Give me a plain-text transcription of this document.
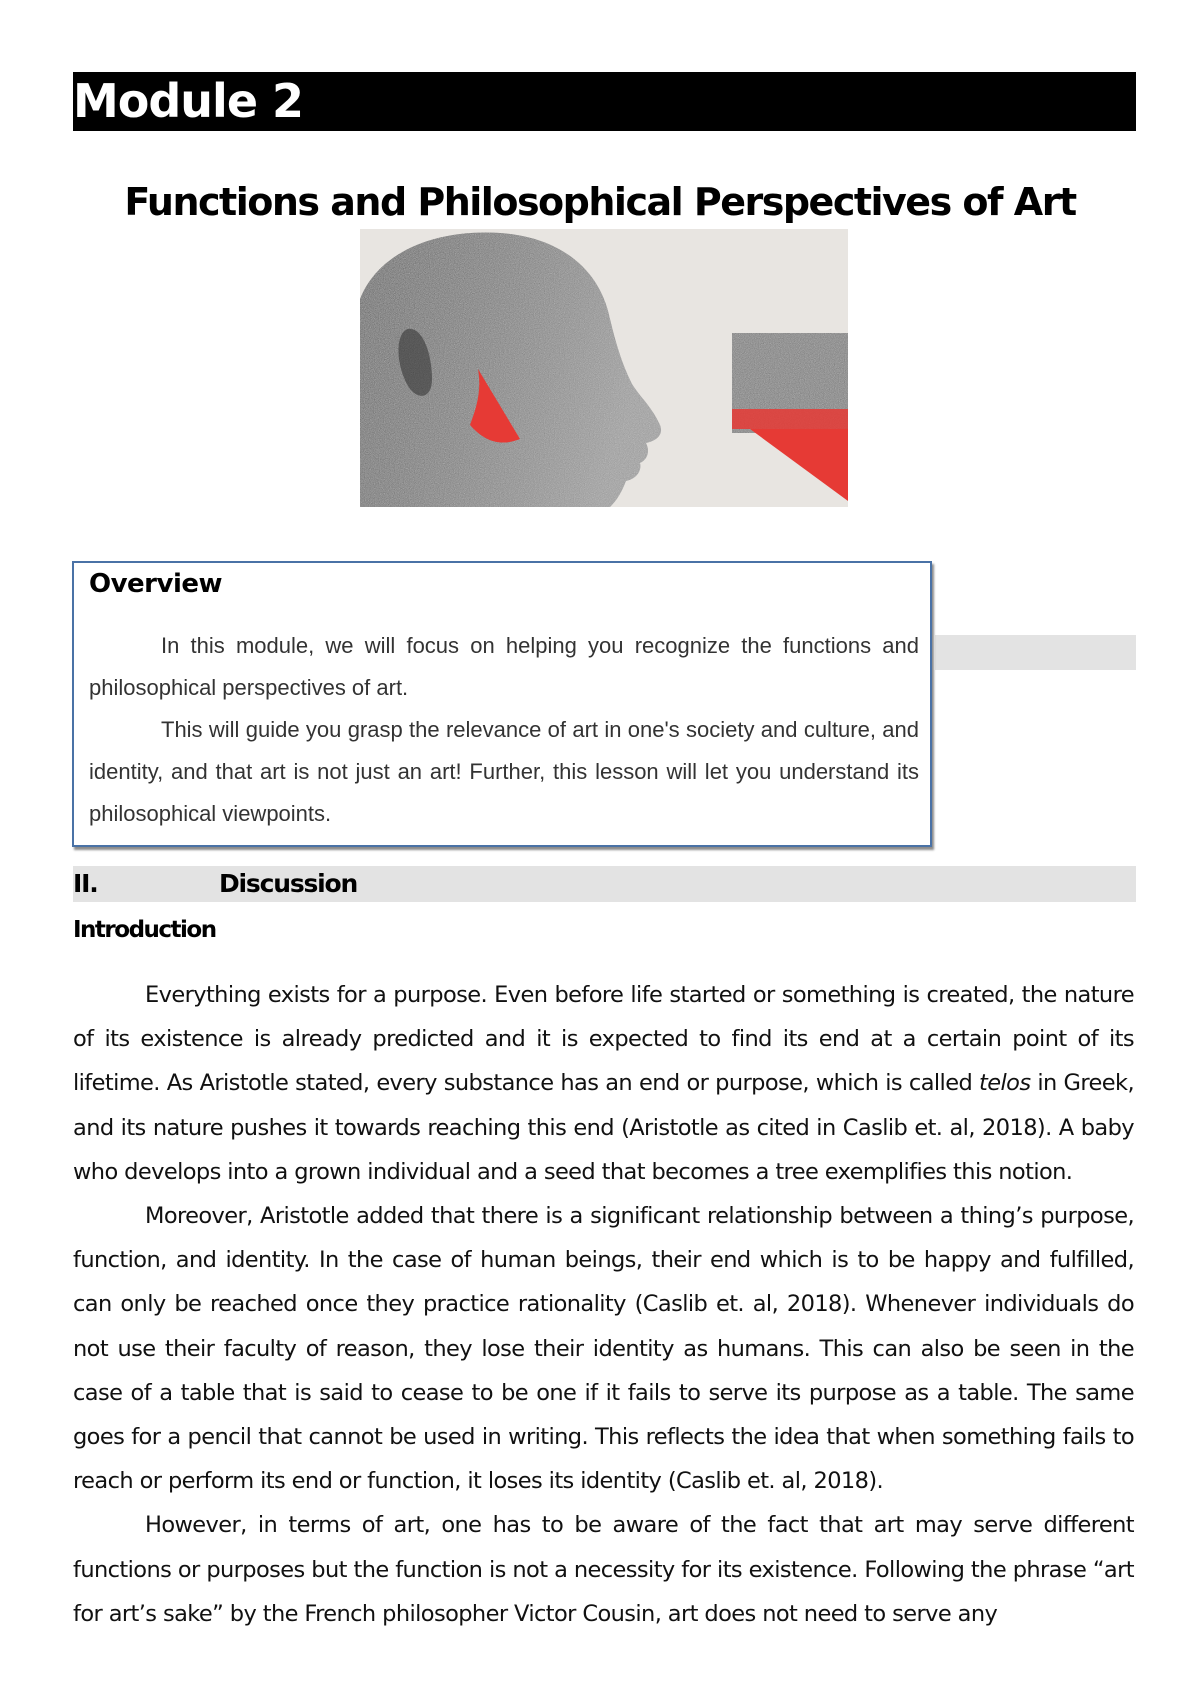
Module 2
Functions and Philosophical Perspectives of Art
Overview

In this module, we will focus on helping you recognize the functions and philosophical perspectives of art.

This will guide you grasp the relevance of art in one's society and culture, and identity, and that art is not just an art! Further, this lesson will let you understand its philosophical viewpoints.

II.	Discussion
Introduction

Everything exists for a purpose. Even before life started or something is created, the nature of its existence is already predicted and it is expected to find its end at a certain point of its lifetime. As Aristotle stated, every substance has an end or purpose, which is called telos in Greek, and its nature pushes it towards reaching this end (Aristotle as cited in Caslib et. al, 2018). A baby who develops into a grown individual and a seed that becomes a tree exemplifies this notion.

Moreover, Aristotle added that there is a significant relationship between a thing’s purpose, function, and identity. In the case of human beings, their end which is to be happy and fulfilled, can only be reached once they practice rationality (Caslib et. al, 2018). Whenever individuals do not use their faculty of reason, they lose their identity as humans. This can also be seen in the case of a table that is said to cease to be one if it fails to serve its purpose as a table. The same goes for a pencil that cannot be used in writing. This reflects the idea that when something fails to reach or perform its end or function, it loses its identity (Caslib et. al, 2018).

However, in terms of art, one has to be aware of the fact that art may serve different functions or purposes but the function is not a necessity for its existence. Following the phrase “art for art’s sake” by the French philosopher Victor Cousin, art does not need to serve any
